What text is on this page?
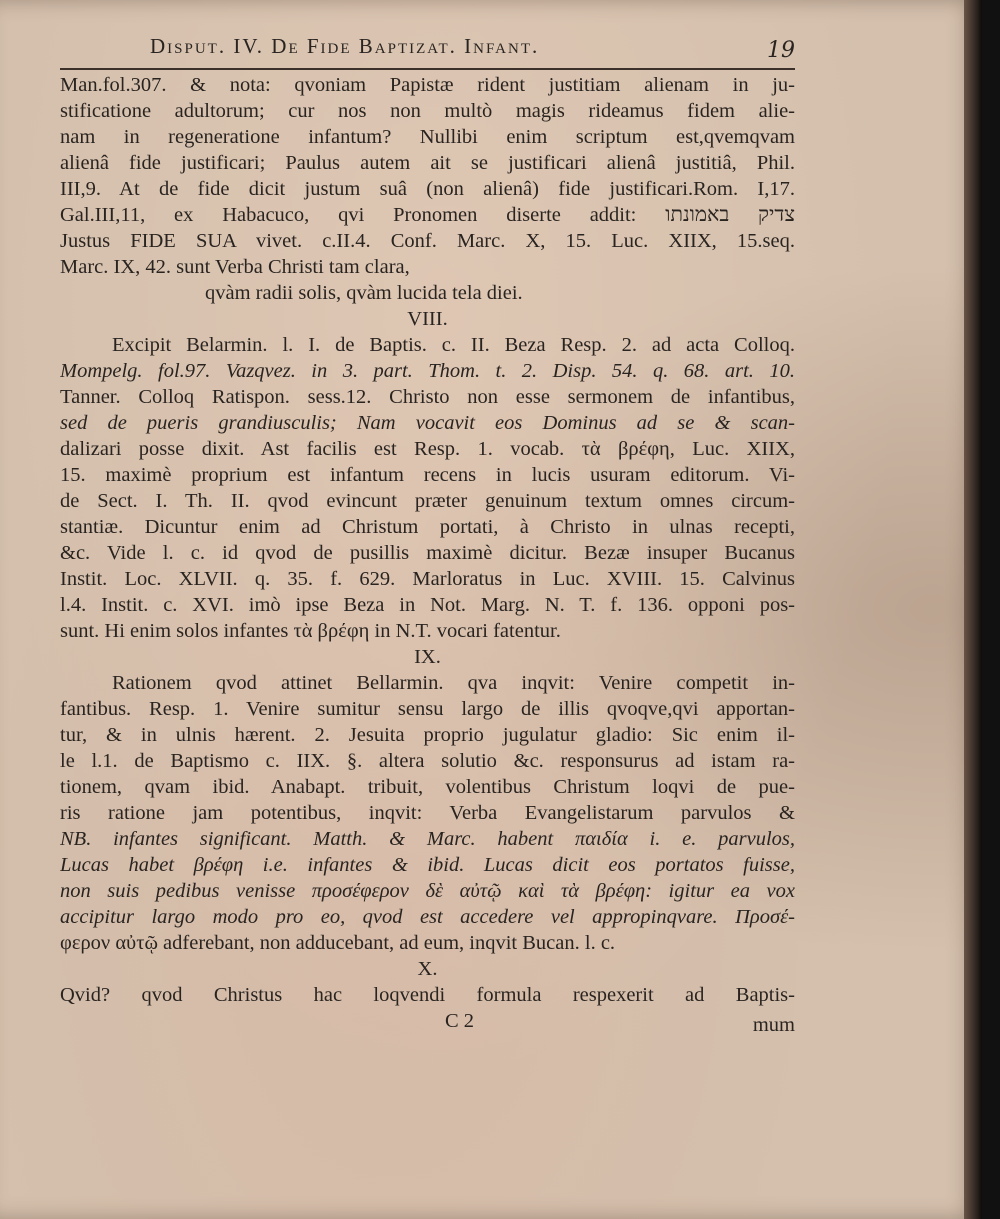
Disput. IV. De Fide Baptizat. Infant.	19
Man.fol.307. & nota: qvoniam Papistæ rident justitiam alienam in ju-
stificatione adultorum; cur nos non multò magis rideamus fidem alie-
nam in regeneratione infantum? Nullibi enim scriptum est,qvemqvam
alienâ fide justificari; Paulus autem ait se justificari alienâ justitiâ, Phil.
III,9. At de fide dicit justum suâ (non alienâ) fide justificari.Rom. I,17.
Gal.III,11, ex Habacuco, qvi Pronomen diserte addit: צדיק באמונתו
Justus FIDE SUA vivet. c.II.4. Conf. Marc. X, 15. Luc. XIIX, 15.seq.
Marc. IX, 42. sunt Verba Christi tam clara,
qvàm radii solis, qvàm lucida tela diei.
VIII.
Excipit Belarmin. l. I. de Baptis. c. II. Beza Resp. 2. ad acta Colloq.
Mompelg. fol.97. Vazqvez. in 3. part. Thom. t. 2. Disp. 54. q. 68. art. 10.
Tanner. Colloq Ratispon. sess.12. Christo non esse sermonem de infantibus,
sed de pueris grandiusculis; Nam vocavit eos Dominus ad se & scan-
dalizari posse dixit. Ast facilis est Resp. 1. vocab. τὰ βρέφη, Luc. XIIX,
15. maximè proprium est infantum recens in lucis usuram editorum. Vi-
de Sect. I. Th. II. qvod evincunt præter genuinum textum omnes circum-
stantiæ. Dicuntur enim ad Christum portati, à Christo in ulnas recepti,
&c. Vide l. c. id qvod de pusillis maximè dicitur. Bezæ insuper Bucanus
Instit. Loc. XLVII. q. 35. f. 629. Marloratus in Luc. XVIII. 15. Calvinus
l.4. Instit. c. XVI. imò ipse Beza in Not. Marg. N. T. f. 136. opponi pos-
sunt. Hi enim solos infantes τὰ βρέφη in N.T. vocari fatentur.
IX.
Rationem qvod attinet Bellarmin. qva inqvit: Venire competit in-
fantibus. Resp. 1. Venire sumitur sensu largo de illis qvoqve,qvi apportan-
tur, & in ulnis hærent. 2. Jesuita proprio jugulatur gladio: Sic enim il-
le l.1. de Baptismo c. IIX. §. altera solutio &c. responsurus ad istam ra-
tionem, qvam ibid. Anabapt. tribuit, volentibus Christum loqvi de pue-
ris ratione jam potentibus, inqvit: Verba Evangelistarum parvulos &
NB. infantes significant. Matth. & Marc. habent παιδία i. e. parvulos,
Lucas habet βρέφη i.e. infantes & ibid. Lucas dicit eos portatos fuisse,
non suis pedibus venisse προσέφερον δὲ αὐτῷ καὶ τὰ βρέφη: igitur ea vox
accipitur largo modo pro eo, qvod est accedere vel appropinqvare. Προσέ-
φερον αὐτῷ adferebant, non adducebant, ad eum, inqvit Bucan. l. c.
X.
Qvid? qvod Christus hac loqvendi formula respexerit ad Baptis-
C 2	mum
